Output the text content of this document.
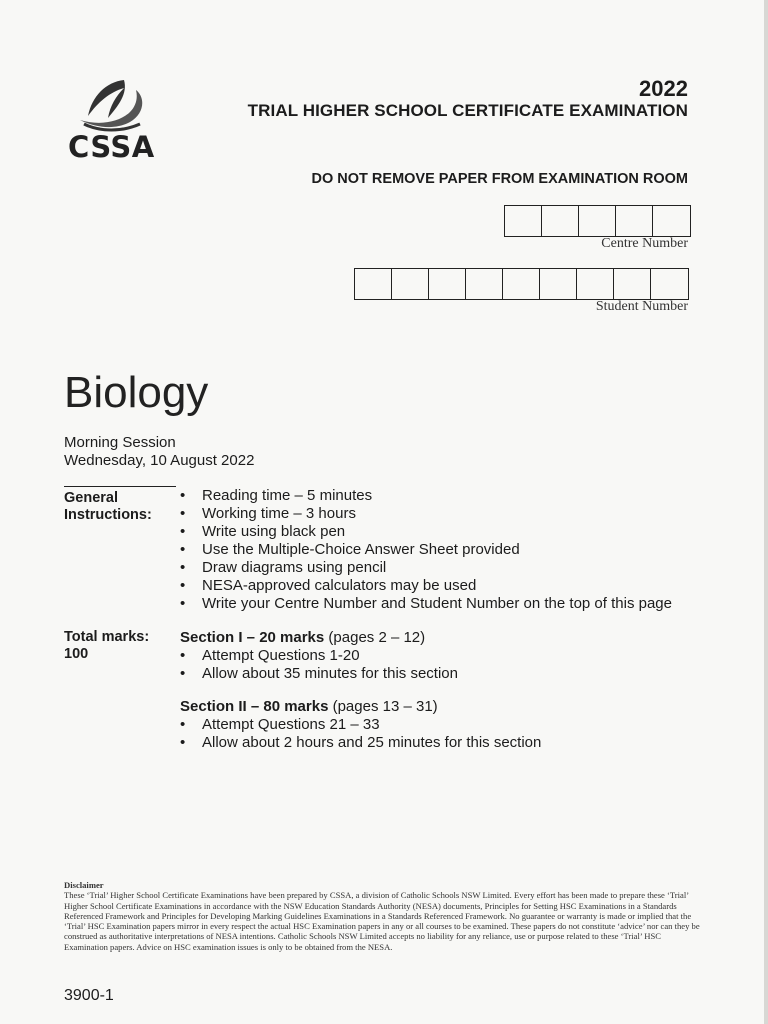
CSSA
2022
TRIAL HIGHER SCHOOL CERTIFICATE EXAMINATION
DO NOT REMOVE PAPER FROM EXAMINATION ROOM
Centre Number
Student Number
Biology
Morning Session
Wednesday, 10 August 2022
General
Instructions:
• Reading time – 5 minutes
• Working time – 3 hours
• Write using black pen
• Use the Multiple-Choice Answer Sheet provided
• Draw diagrams using pencil
• NESA-approved calculators may be used
• Write your Centre Number and Student Number on the top of this page
Total marks:
100
Section I – 20 marks (pages 2 – 12)
• Attempt Questions 1-20
• Allow about 35 minutes for this section
Section II – 80 marks (pages 13 – 31)
• Attempt Questions 21 – 33
• Allow about 2 hours and 25 minutes for this section
Disclaimer
These ‘Trial’ Higher School Certificate Examinations have been prepared by CSSA, a division of Catholic Schools NSW Limited. Every effort has been made to prepare these ‘Trial’ Higher School Certificate Examinations in accordance with the NSW Education Standards Authority (NESA) documents, Principles for Setting HSC Examinations in a Standards Referenced Framework and Principles for Developing Marking Guidelines Examinations in a Standards Referenced Framework. No guarantee or warranty is made or implied that the ‘Trial’ HSC Examination papers mirror in every respect the actual HSC Examination papers in any or all courses to be examined. These papers do not constitute ‘advice’ nor can they be construed as authoritative interpretations of NESA intentions. Catholic Schools NSW Limited accepts no liability for any reliance, use or purpose related to these ‘Trial’ HSC Examination papers. Advice on HSC examination issues is only to be obtained from the NESA.
3900-1
